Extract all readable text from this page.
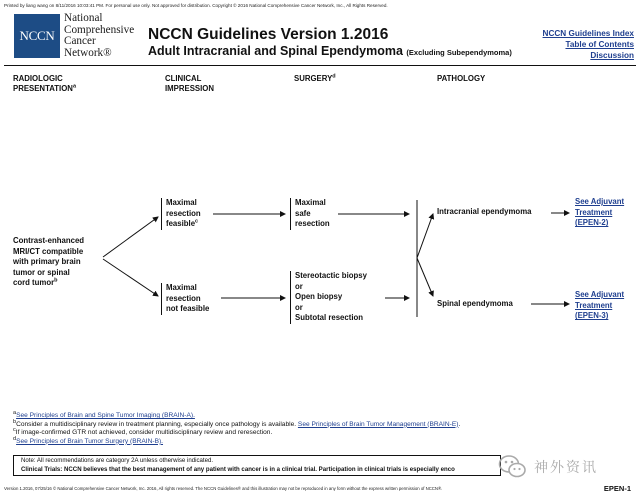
Printed by liang wang on 8/11/2016 10:03:41 PM. For personal use only. Not approved for distribution. Copyright © 2016 National Comprehensive Cancer Network, Inc., All Rights Reserved.
NCCN
National
Comprehensive
Cancer
Network®
NCCN Guidelines Version 1.2016
Adult Intracranial and Spinal Ependymoma (Excluding Subependymoma)
NCCN Guidelines Index
Table of Contents
Discussion
RADIOLOGIC
PRESENTATION$^a$
CLINICAL
IMPRESSION
SURGERY$^d$	PATHOLOGY
Contrast-enhanced
MRI/CT compatible
with primary brain
tumor or spinal
cord tumor$^b$
Maximal
resection
feasible$^c$
Maximal
resection
not feasible
Maximal
safe
resection
Stereotactic biopsy
or
Open biopsy
or
Subtotal resection
Intracranial ependymoma
Spinal ependymoma
See Adjuvant
Treatment
(EPEN-2)
See Adjuvant
Treatment
(EPEN-3)
$^a$See Principles of Brain and Spine Tumor Imaging (BRAIN-A).
$^b$Consider a multidisciplinary review in treatment planning, especially once pathology is available. See Principles of Brain Tumor Management (BRAIN-E).
$^c$If image-confirmed GTR not achieved, consider multidisciplinary review and reresection.
$^d$See Principles of Brain Tumor Surgery (BRAIN-B).
Note: All recommendations are category 2A unless otherwise indicated.
Clinical Trials: NCCN believes that the best management of any patient with cancer is in a clinical trial. Participation in clinical trials is especially enco	神外资讯
Version 1.2016, 07/25/16 © National Comprehensive Cancer Network, Inc. 2016, All rights reserved. The NCCN Guidelines® and this illustration may not be reproduced in any form without the express written permission of NCCN®.	EPEN-1
